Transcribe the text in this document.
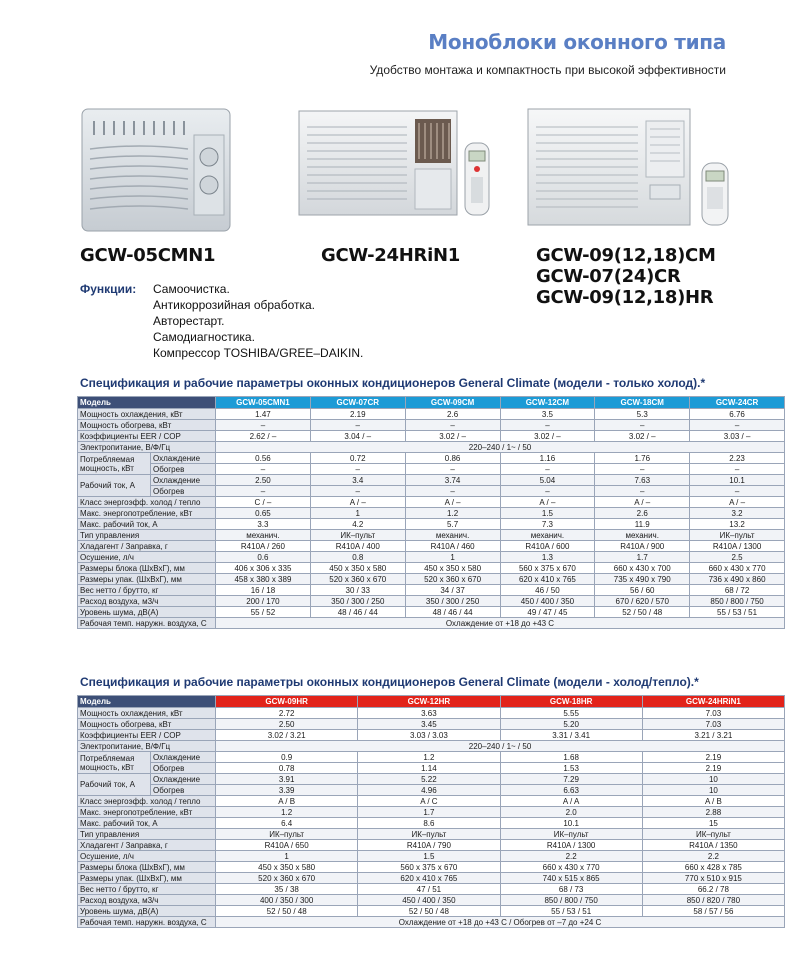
Моноблоки оконного типа
Удобство монтажа и компактность при высокой эффективности
GCW-05CMN1	GCW-24HRiN1	GCW-09(12,18)CM
GCW-07(24)CR
GCW-09(12,18)HR
Функции: Самоочистка.
Антикоррозийная обработка.
Авторестарт.
Самодиагностика.
Компрессор TOSHIBA/GREE–DAIKIN.
Спецификация и рабочие параметры оконных кондиционеров General Climate (модели - только холод).*
Модель		GCW-05CMN1	GCW-07CR	GCW-09CM	GCW-12CM	GCW-18CM	GCW-24CR
Мощность охлаждения, кВт		1.47	2.19	2.6	3.5	5.3	6.76
Мощность обогрева, кВт		–	–	–	–	–	–
Коэффициенты EER / COP		2.62 / –	3.04 / –	3.02 / –	3.02 / –	3.02 / –	3.03 / –
Электропитание, В/Ф/Гц		220–240 / 1~ / 50					

Потребляемая
мощность, кВт	Охлаждение	0.56	0.72	0.86	1.16	1.76	2.23
	Обогрев	–	–	–	–	–	–
Рабочий ток, А	Охлаждение	2.50	3.4	3.74	5.04	7.63	10.1
	Обогрев	–	–	–	–	–	–
Класс энергоэфф. холод / тепло		C / –	A / –	A / –	A / –	A / –	A / –
Макс. энергопотребление, кВт		0.65	1	1.2	1.5	2.6	3.2
Макс. рабочий ток, А		3.3	4.2	5.7	7.3	11.9	13.2
Тип управления		механич.	ИК–пульт	механич.	механич.	механич.	ИК–пульт
Хладагент / Заправка, г		R410A / 260	R410A / 400	R410A / 460	R410A / 600	R410A / 900	R410A / 1300
Осушение, л/ч		0.6	0.8	1	1.3	1.7	2.5
Размеры блока (ШхВхГ), мм		406 x 306 x 335	450 x 350 x 580	450 x 350 x 580	560 x 375 x 670	660 x 430 x 700	660 x 430 x 770
Размеры упак. (ШхВхГ), мм		458 x 380 x 389	520 x 360 x 670	520 x 360 x 670	620 x 410 x 765	735 x 490 x 790	736 x 490 x 860
Вес нетто / брутто, кг		16 / 18	30 / 33	34 / 37	46 / 50	56 / 60	68 / 72
Расход воздуха, м3/ч		200 / 170	350 / 300 / 250	350 / 300 / 250	450 / 400 / 350	670 / 620 / 570	850 / 800 / 750
Уровень шума, дВ(А)		55 / 52	48 / 46 / 44	48 / 46 / 44	49 / 47 / 45	52 / 50 / 48	55 / 53 / 51
Рабочая темп. наружн. воздуха, С		Охлаждение от +18 до +43 С					
Спецификация и рабочие параметры оконных кондиционеров General Climate (модели - холод/тепло).*
Модель		GCW-09HR	GCW-12HR	GCW-18HR	GCW-24HRiN1
Мощность охлаждения, кВт		2.72	3.63	5.55	7.03
Мощность обогрева, кВт		2.50	3.45	5.20	7.03
Коэффициенты EER / COP		3.02 / 3.21	3.03 / 3.03	3.31 / 3.41	3.21 / 3.21
Электропитание, В/Ф/Гц		220–240 / 1~ / 50			

Потребляемая
мощность, кВт	Охлаждение	0.9	1.2	1.68	2.19
	Обогрев	0.78	1.14	1.53	2.19
Рабочий ток, А	Охлаждение	3.91	5.22	7.29	10
	Обогрев	3.39	4.96	6.63	10
Класс энергоэфф. холод / тепло		A / B	A / C	A / A	A / B
Макс. энергопотребление, кВт		1.2	1.7	2.0	2.88
Макс. рабочий ток, А		6.4	8.6	10.1	15
Тип управления		ИК–пульт	ИК–пульт	ИК–пульт	ИК–пульт
Хладагент / Заправка, г		R410A / 650	R410A / 790	R410A / 1300	R410A / 1350
Осушение, л/ч		1	1.5	2.2	2.2
Размеры блока (ШхВхГ), мм		450 x 350 x 580	560 x 375 x 670	660 x 430 x 770	660 x 428 x 785
Размеры упак. (ШхВхГ), мм		520 x 360 x 670	620 x 410 x 765	740 x 515 x 865	770 x 510 x 915
Вес нетто / брутто, кг		35 / 38	47 / 51	68 / 73	66.2 / 78
Расход воздуха, м3/ч		400 / 350 / 300	450 / 400 / 350	850 / 800 / 750	850 / 820 / 780
Уровень шума, дВ(А)		52 / 50 / 48	52 / 50 / 48	55 / 53 / 51	58 / 57 / 56
Рабочая темп. наружн. воздуха, С		Охлаждение от +18 до +43 С / Обогрев от –7 до +24 С			
